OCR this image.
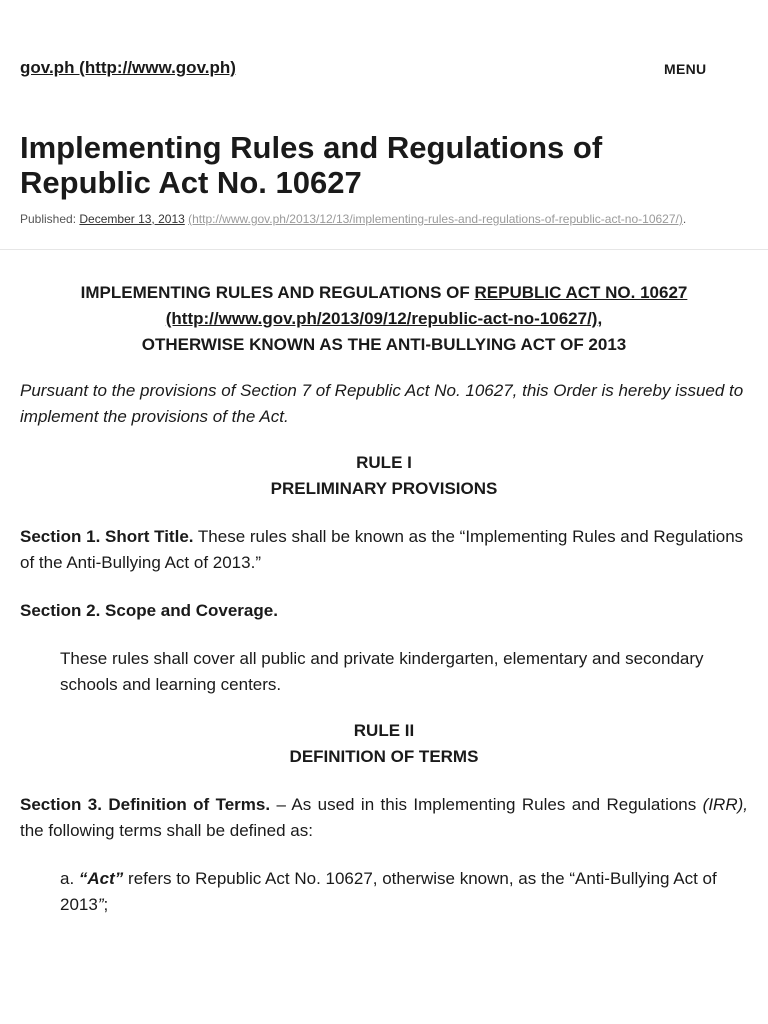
gov.ph (http://www.gov.ph)	MENU
Implementing Rules and Regulations of Republic Act No. 10627
Published: December 13, 2013 (http://www.gov.ph/2013/12/13/implementing-rules-and-regulations-of-republic-act-no-10627/).

IMPLEMENTING RULES AND REGULATIONS OF REPUBLIC ACT NO. 10627 (http://www.gov.ph/2013/09/12/republic-act-no-10627/),
OTHERWISE KNOWN AS THE ANTI-BULLYING ACT OF 2013

Pursuant to the provisions of Section 7 of Republic Act No. 10627, this Order is hereby issued to implement the provisions of the Act.

RULE I
PRELIMINARY PROVISIONS

Section 1. Short Title. These rules shall be known as the “Implementing Rules and Regulations of the Anti-Bullying Act of 2013.”

Section 2. Scope and Coverage.

These rules shall cover all public and private kindergarten, elementary and secondary schools and learning centers.

RULE II
DEFINITION OF TERMS

Section 3. Definition of Terms. – As used in this Implementing Rules and Regulations (IRR), the following terms shall be defined as:

a. “Act” refers to Republic Act No. 10627, otherwise known, as the “Anti-Bullying Act of 2013”;
